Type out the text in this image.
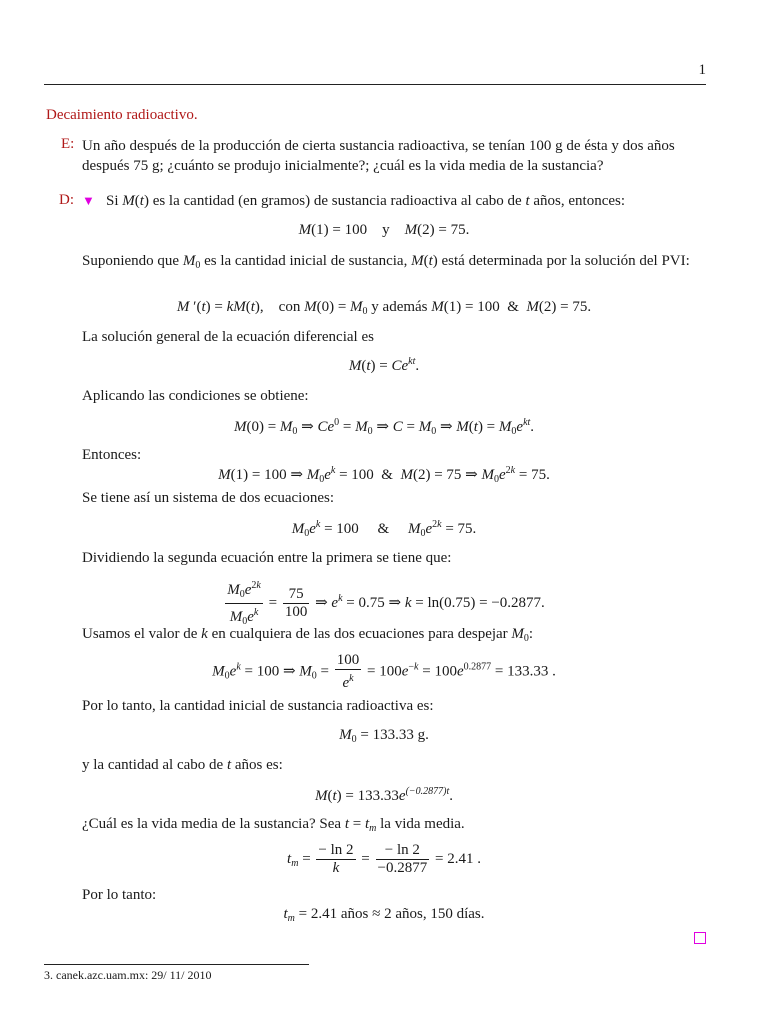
1
Decaimiento radioactivo.
E: Un año después de la producción de cierta sustancia radioactiva, se tenían 100 g de ésta y dos años después 75 g; ¿cuánto se produjo inicialmente?; ¿cuál es la vida media de la sustancia?
D: ▼ Si M(t) es la cantidad (en gramos) de sustancia radioactiva al cabo de t años, entonces:
M(1) = 100    y M(2) = 75.
Suponiendo que $M_0$ es la cantidad inicial de sustancia, M(t) está determinada por la solución del PVI:
M ′(t) = kM(t),    con $M(0) = M_0$ y además M(1) = 100  &  M(2) = 75.
La solución general de la ecuación diferencial es
$M(t) = Ce^{kt}$.
Aplicando las condiciones se obtiene:
$M(0) = M_0$ ⇒ $Ce^0 = M_0$ ⇒ $C = M_0$ ⇒ $M(t) = M_0e^{kt}$.
Entonces:
M(1) = 100 ⇒ $M_0e^k = 100$  &  M(2) = 75 ⇒ $M_0e^{2k} = 75$.
Se tiene así un sistema de dos ecuaciones:
$M_0e^k = 100$     &     $M_0e^{2k} = 75$.
Dividiendo la segunda ecuación entre la primera se tiene que:
$\frac{M_0e^{2k}}{M_0e^k} = \frac{75}{100}$ ⇒ $e^k = 0.75$ ⇒ k = ln(0.75) = −0.2877.
Usamos el valor de k en cualquiera de las dos ecuaciones para despejar $M_0$:
$M_0e^k = 100$ ⇒ $M_0 = \frac{100}{e^k} = 100e^{-k} = 100e^{0.2877} = 133.33$ .
Por lo tanto, la cantidad inicial de sustancia radioactiva es:
$M_0 = 133.33$ g.
y la cantidad al cabo de t años es:
$M(t) = 133.33e^{(-0.2877)t}$.
¿Cuál es la vida media de la sustancia? Sea $t = t_m$ la vida media.
$t_m = \frac{- \ln 2}{k} = \frac{- \ln 2}{-0.2877} = 2.41$ .
Por lo tanto:
$t_m = 2.41$ años ≈ 2 años, 150 días.
3. canek.azc.uam.mx: 29/ 11/ 2010
